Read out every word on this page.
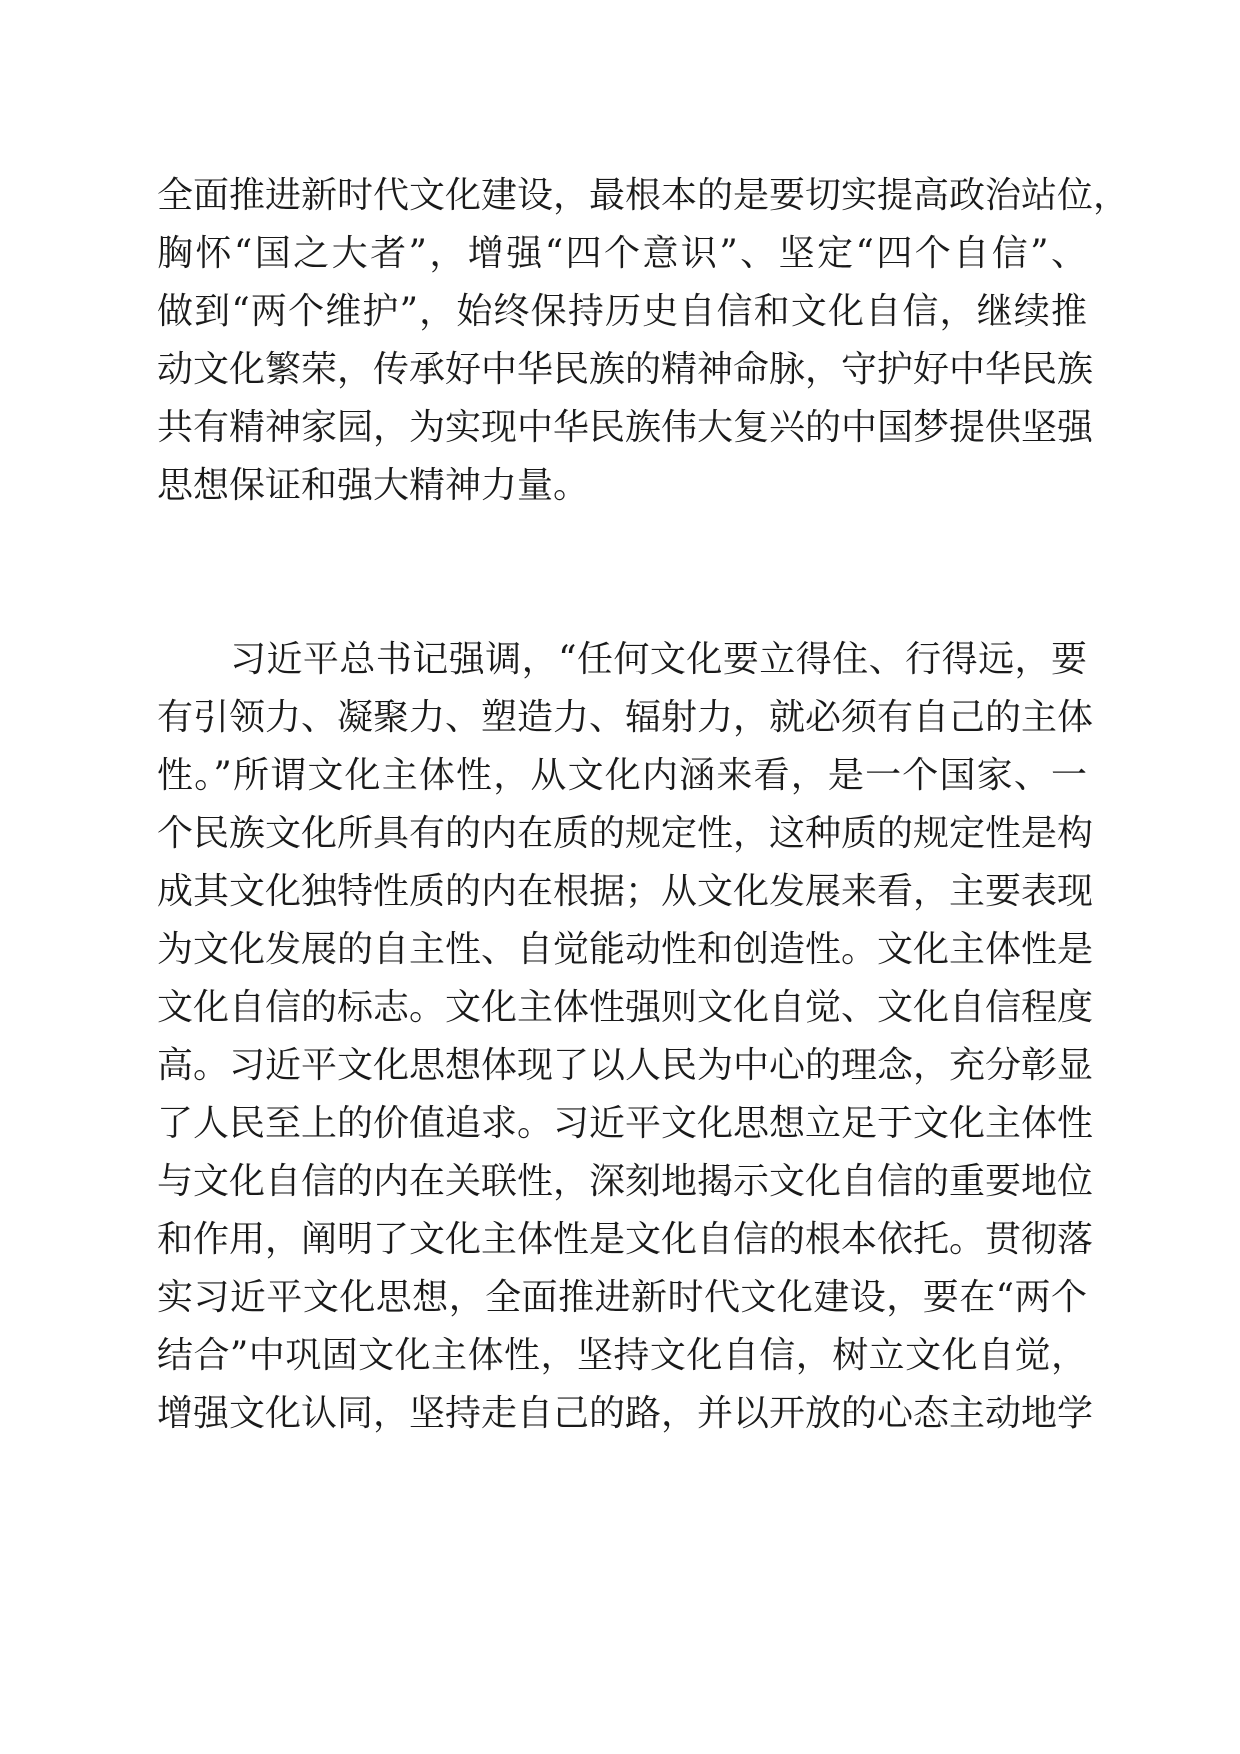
全面推进新时代文化建设，最根本的是要切实提高政治站位，
胸怀“国之大者”，增强“四个意识”、坚定“四个自信”、
做到“两个维护”，始终保持历史自信和文化自信，继续推
动文化繁荣，传承好中华民族的精神命脉，守护好中华民族
共有精神家园，为实现中华民族伟大复兴的中国梦提供坚强
思想保证和强大精神力量。
习近平总书记强调，“任何文化要立得住、行得远，要
有引领力、凝聚力、塑造力、辐射力，就必须有自己的主体
性。”所谓文化主体性，从文化内涵来看，是一个国家、一
个民族文化所具有的内在质的规定性，这种质的规定性是构
成其文化独特性质的内在根据；从文化发展来看，主要表现
为文化发展的自主性、自觉能动性和创造性。文化主体性是
文化自信的标志。文化主体性强则文化自觉、文化自信程度
高。习近平文化思想体现了以人民为中心的理念，充分彰显
了人民至上的价值追求。习近平文化思想立足于文化主体性
与文化自信的内在关联性，深刻地揭示文化自信的重要地位
和作用，阐明了文化主体性是文化自信的根本依托。贯彻落
实习近平文化思想，全面推进新时代文化建设，要在“两个
结合”中巩固文化主体性，坚持文化自信，树立文化自觉，
增强文化认同，坚持走自己的路，并以开放的心态主动地学
